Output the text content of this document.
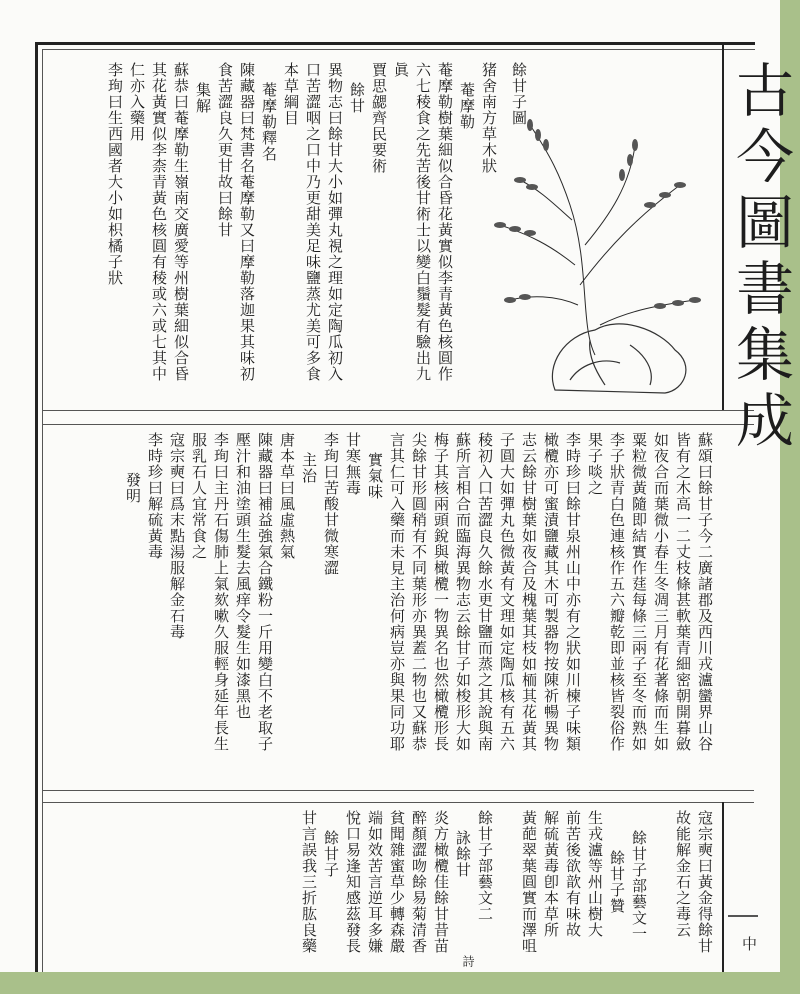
古今圖書集成
中
餘甘子圖
猪舍南方草木狀
菴摩勒
菴摩勒樹葉細似合昏花黃實似李青黃色核圓作
六七稜食之先苦後甘術士以變白鬚髮有驗出九
眞
賈思勰齊民要術
餘甘
異物志曰餘甘大小如彈丸視之理如定陶瓜初入
口苦澀咽之口中乃更甜美足味鹽蒸尤美可多食
本草綱目
菴摩勒釋名
陳藏器曰梵書名菴摩勒又曰摩勒落迦果其味初
食苦澀良久更甘故曰餘甘
集解
蘇恭曰菴摩勒生嶺南交廣愛等州樹葉細似合昏
其花黃實似李柰青黃色核圓有稜或六或七其中
仁亦入藥用
李珣曰生西國者大小如枳橘子狀
蘇頌曰餘甘子今二廣諸郡及西川戎瀘蠻界山谷
皆有之木高一二丈枝條甚軟葉青細密朝開暮斂
如夜合而葉微小春生冬凋三月有花著條而生如
粟粒微黃隨即結實作莛每條三兩子至冬而熟如
李子狀青白色連核作五六瓣乾即並核皆裂俗作
果子啖之
李時珍曰餘甘泉州山中亦有之狀如川楝子味類
橄欖亦可蜜漬鹽藏其木可製器物按陳祈暢異物
志云餘甘樹葉如夜合及槐葉其枝如栭其花黃其
子圓大如彈丸色微黃有文理如定陶瓜核有五六
稜初入口苦澀良久餘水更甘鹽而蒸之其說與南
蘇所言相合而臨海異物志云餘甘子如梭形大如
梅子其核兩頭銳與橄欖一物異名也然橄欖形長
尖餘甘形圓稍有不同葉形亦異蓋二物也又蘇恭
言其仁可入藥而未見主治何病豈亦與果同功耶
實氣味
甘寒無毒
李珣曰苦酸甘微寒澀
主治
唐本草曰風虛熱氣
陳藏器曰補益強氣合鐵粉一斤用變白不老取子
壓汁和油塗頭生髮去風痒令髮生如漆黑也
李珣曰主丹石傷肺上氣欬嗽久服輕身延年長生
服乳石人宜常食之
寇宗奭曰爲末點湯服解金石毒
李時珍曰解硫黃毒
發明
寇宗奭曰黃金得餘甘
故能解金石之毒云
餘甘子部藝文一
餘甘子贊
生戎瀘等州山樹大
前苦後欲歆有味故
解硫黃毒卽本草所
黃葩翠葉圓實而澤咀
餘甘子部藝文二
詠餘甘
炎方橄欖佳餘甘昔苗
醉顏澀吻餘易菊清香
貧聞雜蜜草少轉森嚴
端如效苦言逆耳多嫌
悅口易逢知感茲發長
餘甘子
甘言誤我三折肱良藥
詩
